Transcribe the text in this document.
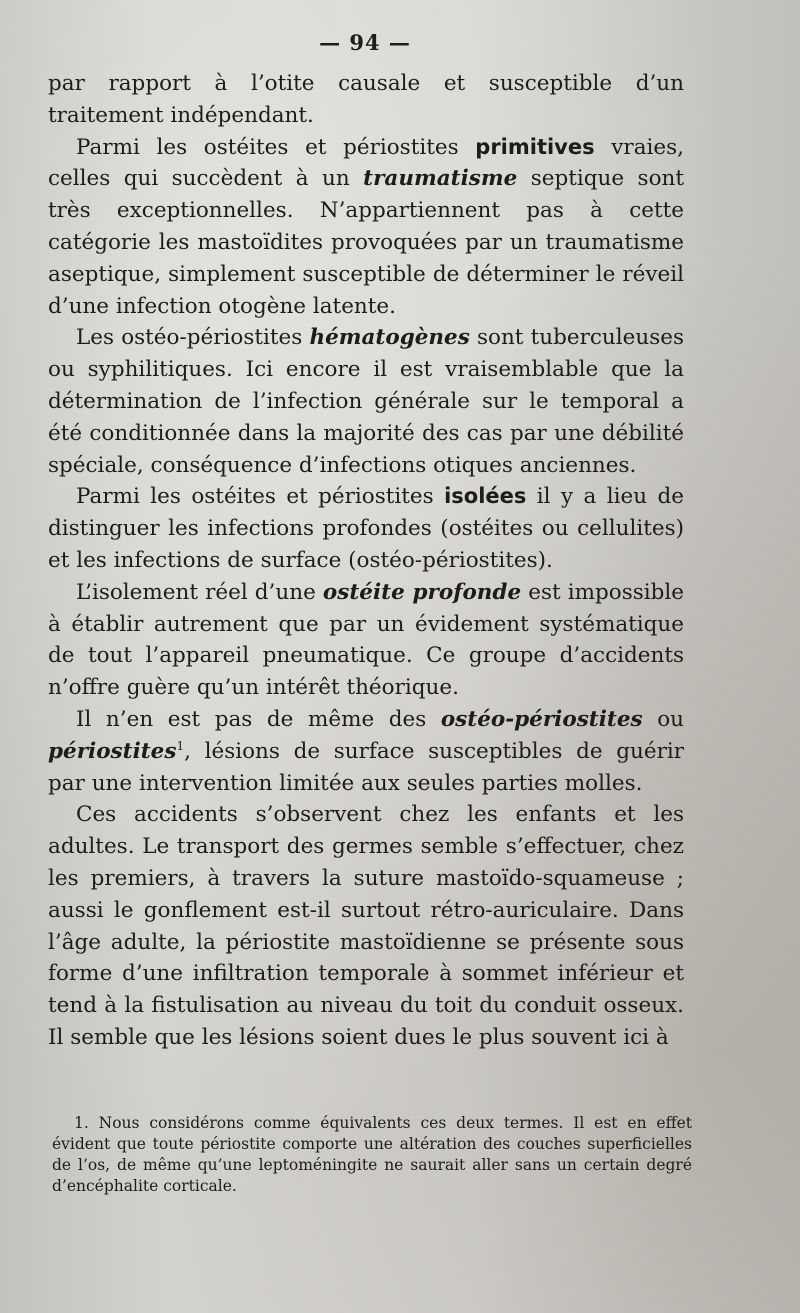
— 94 —

par rapport à l’otite causale et susceptible d’un traitement indépendant.

Parmi les ostéites et périostites primitives vraies, celles qui succèdent à un traumatisme septique sont très exceptionnelles. N’appartiennent pas à cette catégorie les mastoïdites provoquées par un traumatisme aseptique, simplement susceptible de déterminer le réveil d’une infection otogène latente.

Les ostéo-périostites hématogènes sont tuberculeuses ou syphilitiques. Ici encore il est vraisemblable que la détermination de l’infection générale sur le temporal a été conditionnée dans la majorité des cas par une débilité spéciale, conséquence d’infections otiques anciennes.

Parmi les ostéites et périostites isolées il y a lieu de distinguer les infections profondes (ostéites ou cellulites) et les infections de surface (ostéo-périostites).

L’isolement réel d’une ostéite profonde est impossible à établir autrement que par un évidement systématique de tout l’appareil pneumatique. Ce groupe d’accidents n’offre guère qu’un intérêt théorique.

Il n’en est pas de même des ostéo-périostites ou périostites$^1$, lésions de surface susceptibles de guérir par une intervention limitée aux seules parties molles.

Ces accidents s’observent chez les enfants et les adultes. Le transport des germes semble s’effectuer, chez les premiers, à travers la suture mastoïdo-squameuse ; aussi le gonflement est-il surtout rétro-auriculaire. Dans l’âge adulte, la périostite mastoïdienne se présente sous forme d’une infiltration temporale à sommet inférieur et tend à la fistulisation au niveau du toit du conduit osseux. Il semble que les lésions soient dues le plus souvent ici à

1. Nous considérons comme équivalents ces deux termes. Il est en effet évident que toute périostite comporte une altération des couches superficielles de l’os, de même qu’une leptoméningite ne saurait aller sans un certain degré d’encéphalite corticale.
